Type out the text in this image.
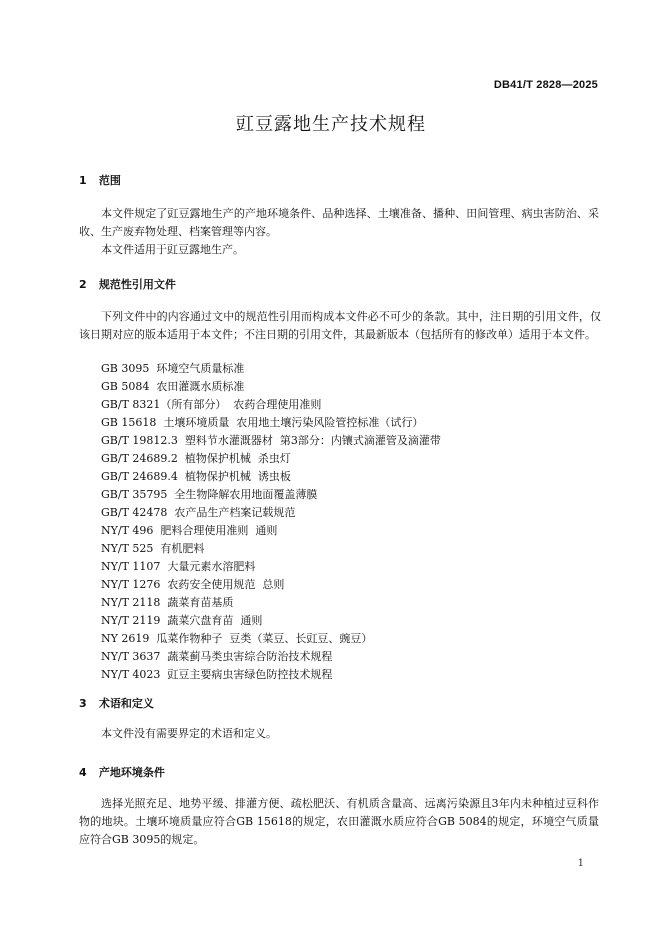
DB41/T 2828—2025
豇豆露地生产技术规程
1 范围
本文件规定了豇豆露地生产的产地环境条件、品种选择、土壤准备、播种、田间管理、病虫害防治、采收、生产废弃物处理、档案管理等内容。
本文件适用于豇豆露地生产。
2 规范性引用文件
下列文件中的内容通过文中的规范性引用而构成本文件必不可少的条款。其中，注日期的引用文件，仅该日期对应的版本适用于本文件；不注日期的引用文件，其最新版本（包括所有的修改单）适用于本文件。
GB 3095  环境空气质量标准
GB 5084  农田灌溉水质标准
GB/T 8321（所有部分）  农药合理使用准则
GB 15618  土壤环境质量  农用地土壤污染风险管控标准（试行）
GB/T 19812.3  塑料节水灌溉器材  第3部分：内镶式滴灌管及滴灌带
GB/T 24689.2  植物保护机械  杀虫灯
GB/T 24689.4  植物保护机械  诱虫板
GB/T 35795  全生物降解农用地面覆盖薄膜
GB/T 42478  农产品生产档案记载规范
NY/T 496  肥料合理使用准则  通则
NY/T 525  有机肥料
NY/T 1107  大量元素水溶肥料
NY/T 1276  农药安全使用规范  总则
NY/T 2118  蔬菜育苗基质
NY/T 2119  蔬菜穴盘育苗  通则
NY 2619  瓜菜作物种子  豆类（菜豆、长豇豆、豌豆）
NY/T 3637  蔬菜蓟马类虫害综合防治技术规程
NY/T 4023  豇豆主要病虫害绿色防控技术规程
3 术语和定义
本文件没有需要界定的术语和定义。
4 产地环境条件
选择光照充足、地势平缓、排灌方便、疏松肥沃、有机质含量高、远离污染源且3年内未种植过豆科作物的地块。土壤环境质量应符合GB 15618的规定，农田灌溉水质应符合GB 5084的规定，环境空气质量应符合GB 3095的规定。
1
